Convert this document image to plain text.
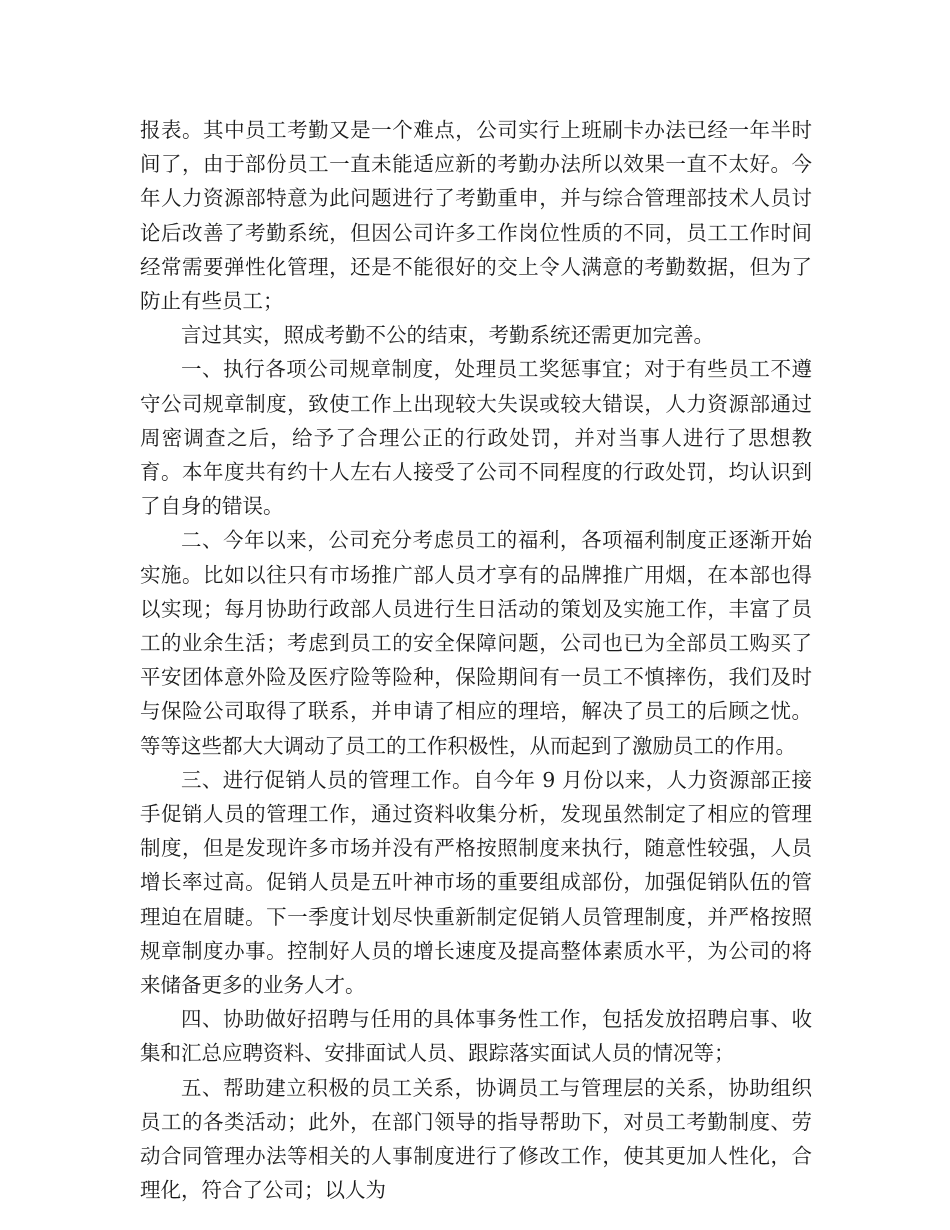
报表。其中员工考勤又是一个难点，公司实行上班刷卡办法已经一年半时间了，由于部份员工一直未能适应新的考勤办法所以效果一直不太好。今年人力资源部特意为此问题进行了考勤重申，并与综合管理部技术人员讨论后改善了考勤系统，但因公司许多工作岗位性质的不同，员工工作时间经常需要弹性化管理，还是不能很好的交上令人满意的考勤数据，但为了防止有些员工；

言过其实，照成考勤不公的结束，考勤系统还需更加完善。

一、执行各项公司规章制度，处理员工奖惩事宜；对于有些员工不遵守公司规章制度，致使工作上出现较大失误或较大错误，人力资源部通过周密调查之后，给予了合理公正的行政处罚，并对当事人进行了思想教育。本年度共有约十人左右人接受了公司不同程度的行政处罚，均认识到了自身的错误。

二、今年以来，公司充分考虑员工的福利，各项福利制度正逐渐开始实施。比如以往只有市场推广部人员才享有的品牌推广用烟，在本部也得以实现；每月协助行政部人员进行生日活动的策划及实施工作，丰富了员工的业余生活；考虑到员工的安全保障问题，公司也已为全部员工购买了平安团体意外险及医疗险等险种，保险期间有一员工不慎摔伤，我们及时与保险公司取得了联系，并申请了相应的理培，解决了员工的后顾之忧。等等这些都大大调动了员工的工作积极性，从而起到了激励员工的作用。

三、进行促销人员的管理工作。自今年 9 月份以来，人力资源部正接手促销人员的管理工作，通过资料收集分析，发现虽然制定了相应的管理制度，但是发现许多市场并没有严格按照制度来执行，随意性较强，人员增长率过高。促销人员是五叶神市场的重要组成部份，加强促销队伍的管理迫在眉睫。下一季度计划尽快重新制定促销人员管理制度，并严格按照规章制度办事。控制好人员的增长速度及提高整体素质水平，为公司的将来储备更多的业务人才。

四、协助做好招聘与任用的具体事务性工作，包括发放招聘启事、收集和汇总应聘资料、安排面试人员、跟踪落实面试人员的情况等；

五、帮助建立积极的员工关系，协调员工与管理层的关系，协助组织员工的各类活动；此外，在部门领导的指导帮助下，对员工考勤制度、劳动合同管理办法等相关的人事制度进行了修改工作，使其更加人性化，合理化，符合了公司；以人为
